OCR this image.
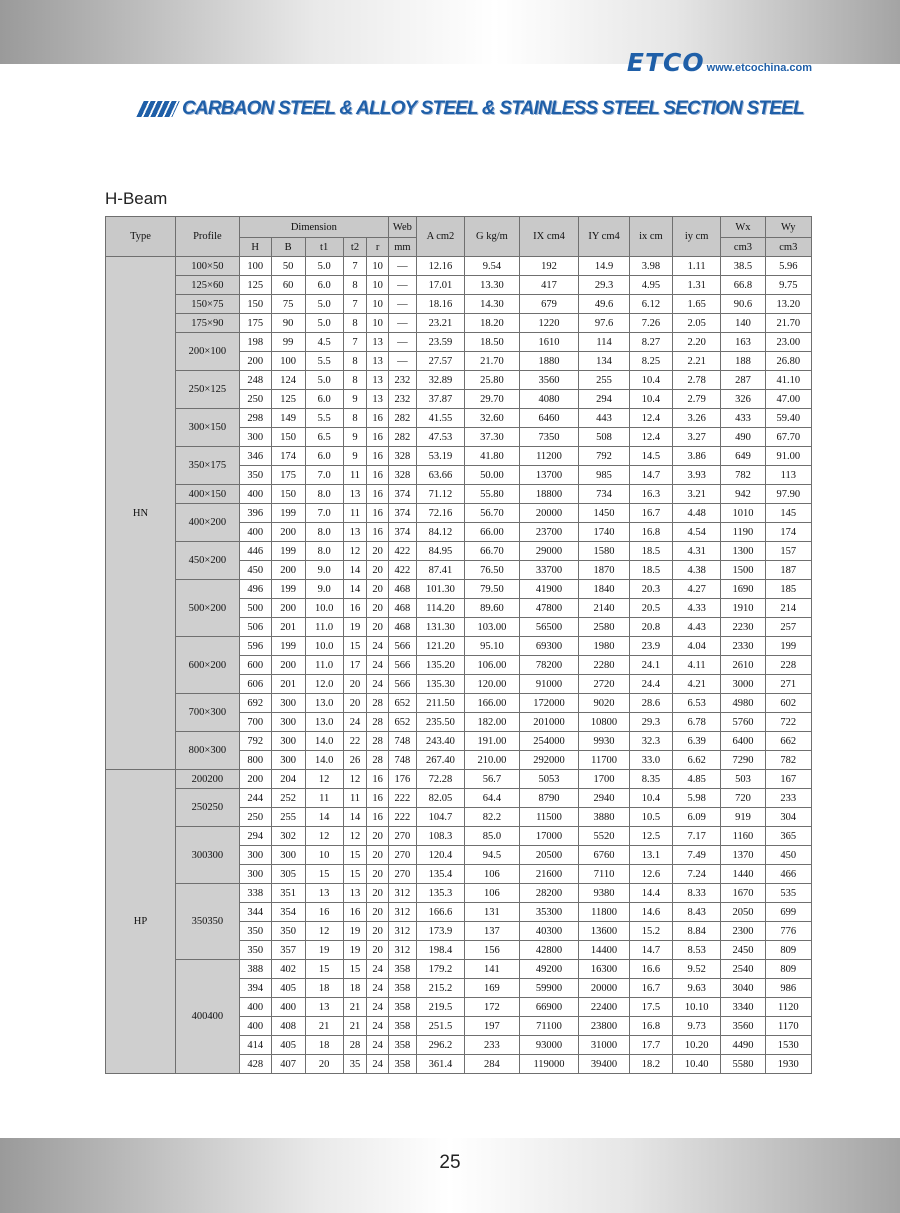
ETCO www.etcochina.com
CARBAON STEEL & ALLOY STEEL & STAINLESS STEEL SECTION STEEL
H-Beam
Type	Profile	Dimension					Web	A cm2	G kg/m	IX cm4	IY cm4	ix cm	iy cm	Wx	Wy
		H	B	t1	t2	r	mm							cm3	cm3
HN	100×50	100	50	5.0	7	10	—	12.16	9.54	192	14.9	3.98	1.11	38.5	5.96
	125×60	125	60	6.0	8	10	—	17.01	13.30	417	29.3	4.95	1.31	66.8	9.75
	150×75	150	75	5.0	7	10	—	18.16	14.30	679	49.6	6.12	1.65	90.6	13.20
	175×90	175	90	5.0	8	10	—	23.21	18.20	1220	97.6	7.26	2.05	140	21.70
	200×100	198	99	4.5	7	13	—	23.59	18.50	1610	114	8.27	2.20	163	23.00
		200	100	5.5	8	13	—	27.57	21.70	1880	134	8.25	2.21	188	26.80
	250×125	248	124	5.0	8	13	232	32.89	25.80	3560	255	10.4	2.78	287	41.10
		250	125	6.0	9	13	232	37.87	29.70	4080	294	10.4	2.79	326	47.00
	300×150	298	149	5.5	8	16	282	41.55	32.60	6460	443	12.4	3.26	433	59.40
		300	150	6.5	9	16	282	47.53	37.30	7350	508	12.4	3.27	490	67.70
	350×175	346	174	6.0	9	16	328	53.19	41.80	11200	792	14.5	3.86	649	91.00
		350	175	7.0	11	16	328	63.66	50.00	13700	985	14.7	3.93	782	113
	400×150	400	150	8.0	13	16	374	71.12	55.80	18800	734	16.3	3.21	942	97.90
	400×200	396	199	7.0	11	16	374	72.16	56.70	20000	1450	16.7	4.48	1010	145
		400	200	8.0	13	16	374	84.12	66.00	23700	1740	16.8	4.54	1190	174
	450×200	446	199	8.0	12	20	422	84.95	66.70	29000	1580	18.5	4.31	1300	157
		450	200	9.0	14	20	422	87.41	76.50	33700	1870	18.5	4.38	1500	187
	500×200	496	199	9.0	14	20	468	101.30	79.50	41900	1840	20.3	4.27	1690	185
		500	200	10.0	16	20	468	114.20	89.60	47800	2140	20.5	4.33	1910	214
		506	201	11.0	19	20	468	131.30	103.00	56500	2580	20.8	4.43	2230	257
	600×200	596	199	10.0	15	24	566	121.20	95.10	69300	1980	23.9	4.04	2330	199
		600	200	11.0	17	24	566	135.20	106.00	78200	2280	24.1	4.11	2610	228
		606	201	12.0	20	24	566	135.30	120.00	91000	2720	24.4	4.21	3000	271
	700×300	692	300	13.0	20	28	652	211.50	166.00	172000	9020	28.6	6.53	4980	602
		700	300	13.0	24	28	652	235.50	182.00	201000	10800	29.3	6.78	5760	722
	800×300	792	300	14.0	22	28	748	243.40	191.00	254000	9930	32.3	6.39	6400	662
		800	300	14.0	26	28	748	267.40	210.00	292000	11700	33.0	6.62	7290	782
HP	200200	200	204	12	12	16	176	72.28	56.7	5053	1700	8.35	4.85	503	167
	250250	244	252	11	11	16	222	82.05	64.4	8790	2940	10.4	5.98	720	233
		250	255	14	14	16	222	104.7	82.2	11500	3880	10.5	6.09	919	304
	300300	294	302	12	12	20	270	108.3	85.0	17000	5520	12.5	7.17	1160	365
		300	300	10	15	20	270	120.4	94.5	20500	6760	13.1	7.49	1370	450
		300	305	15	15	20	270	135.4	106	21600	7110	12.6	7.24	1440	466
	350350	338	351	13	13	20	312	135.3	106	28200	9380	14.4	8.33	1670	535
		344	354	16	16	20	312	166.6	131	35300	11800	14.6	8.43	2050	699
		350	350	12	19	20	312	173.9	137	40300	13600	15.2	8.84	2300	776
		350	357	19	19	20	312	198.4	156	42800	14400	14.7	8.53	2450	809
	400400	388	402	15	15	24	358	179.2	141	49200	16300	16.6	9.52	2540	809
		394	405	18	18	24	358	215.2	169	59900	20000	16.7	9.63	3040	986
		400	400	13	21	24	358	219.5	172	66900	22400	17.5	10.10	3340	1120
		400	408	21	21	24	358	251.5	197	71100	23800	16.8	9.73	3560	1170
		414	405	18	28	24	358	296.2	233	93000	31000	17.7	10.20	4490	1530
		428	407	20	35	24	358	361.4	284	119000	39400	18.2	10.40	5580	1930
25
